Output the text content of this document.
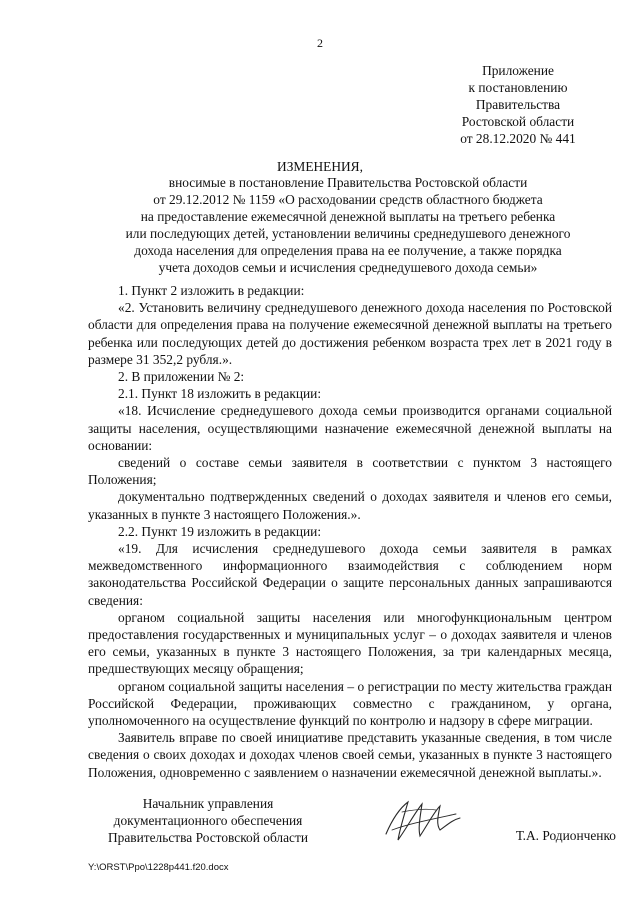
2
Приложение
к постановлению
Правительства
Ростовской области
от 28.12.2020 № 441
ИЗМЕНЕНИЯ,
вносимые в постановление Правительства Ростовской области
от 29.12.2012 № 1159 «О расходовании средств областного бюджета
на предоставление ежемесячной денежной выплаты на третьего ребенка
или последующих детей, установлении величины среднедушевого денежного
дохода населения для определения права на ее получение, а также порядка
учета доходов семьи и исчисления среднедушевого дохода семьи»

1. Пункт 2 изложить в редакции:

«2. Установить величину среднедушевого денежного дохода населения по Ростовской области для определения права на получение ежемесячной денежной выплаты на третьего ребенка или последующих детей до достижения ребенком возраста трех лет в 2021 году в размере 31 352,2 рубля.».

2. В приложении № 2:

2.1. Пункт 18 изложить в редакции:

«18. Исчисление среднедушевого дохода семьи производится органами социальной защиты населения, осуществляющими назначение ежемесячной денежной выплаты на основании:

сведений о составе семьи заявителя в соответствии с пунктом 3 настоящего Положения;

документально подтвержденных сведений о доходах заявителя и членов его семьи, указанных в пункте 3 настоящего Положения.».

2.2. Пункт 19 изложить в редакции:

«19. Для исчисления среднедушевого дохода семьи заявителя в рамках межведомственного информационного взаимодействия с соблюдением норм законодательства Российской Федерации о защите персональных данных запрашиваются сведения:

органом социальной защиты населения или многофункциональным центром предоставления государственных и муниципальных услуг – о доходах заявителя и членов его семьи, указанных в пункте 3 настоящего Положения, за три календарных месяца, предшествующих месяцу обращения;

органом социальной защиты населения – о регистрации по месту жительства граждан Российской Федерации, проживающих совместно с гражданином, у органа, уполномоченного на осуществление функций по контролю и надзору в сфере миграции.

Заявитель вправе по своей инициативе представить указанные сведения, в том числе сведения о своих доходах и доходах членов своей семьи, указанных в пункте 3 настоящего Положения, одновременно с заявлением о назначении ежемесячной денежной выплаты.».

Начальник управления
документационного обеспечения
Правительства Ростовской области	Т.А. Родионченко
Y:\ORST\Ppo\1228p441.f20.docx
